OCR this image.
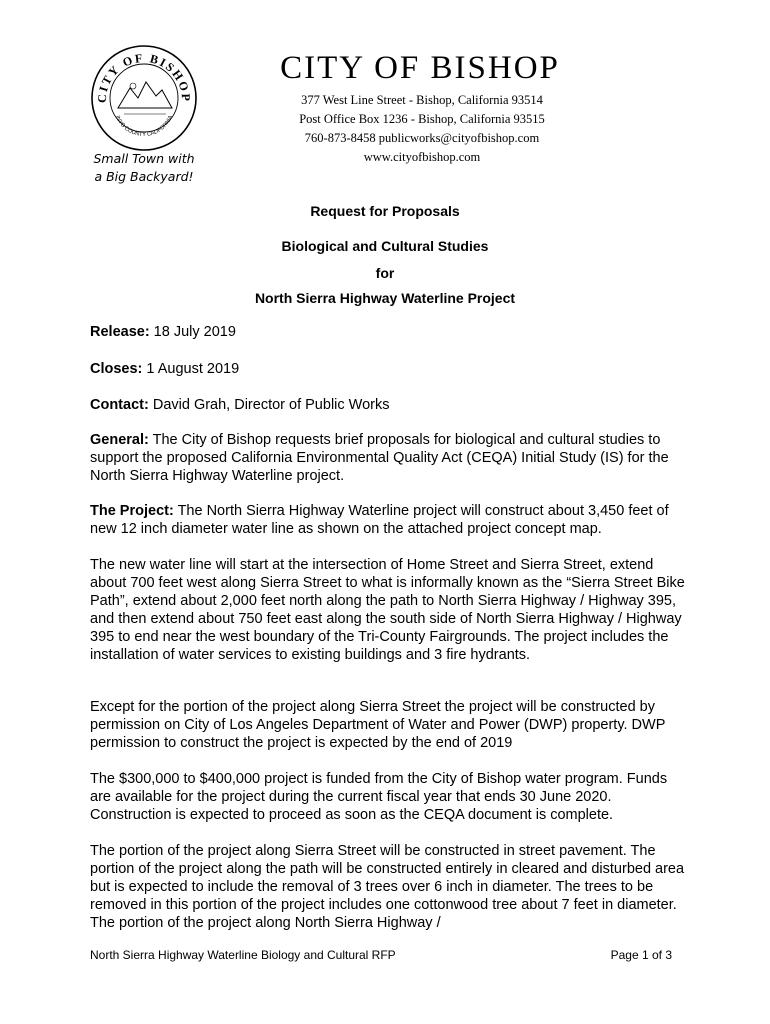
CITY OF BISHOP
INYO COUNTY CALIFORNIA
Small Town with
a Big Backyard!
CITY OF BISHOP
377 West Line Street - Bishop, California 93514
Post Office Box 1236 - Bishop, California 93515
760-873-8458 publicworks@cityofbishop.com
www.cityofbishop.com
Request for Proposals
Biological and Cultural Studies
for
North Sierra Highway Waterline Project
Release: 18 July 2019
Closes: 1 August 2019
Contact: David Grah, Director of Public Works
General: The City of Bishop requests brief proposals for biological and cultural studies to support the proposed California Environmental Quality Act (CEQA) Initial Study (IS) for the North Sierra Highway Waterline project.
The Project: The North Sierra Highway Waterline project will construct about 3,450 feet of new 12 inch diameter water line as shown on the attached project concept map.
The new water line will start at the intersection of Home Street and Sierra Street, extend about 700 feet west along Sierra Street to what is informally known as the “Sierra Street Bike Path”, extend about 2,000 feet north along the path to North Sierra Highway / Highway 395, and then extend about 750 feet east along the south side of North Sierra Highway / Highway 395 to end near the west boundary of the Tri-County Fairgrounds. The project includes the installation of water services to existing buildings and 3 fire hydrants.
Except for the portion of the project along Sierra Street the project will be constructed by permission on City of Los Angeles Department of Water and Power (DWP) property. DWP permission to construct the project is expected by the end of 2019
The $300,000 to $400,000 project is funded from the City of Bishop water program. Funds are available for the project during the current fiscal year that ends 30 June 2020. Construction is expected to proceed as soon as the CEQA document is complete.
The portion of the project along Sierra Street will be constructed in street pavement. The portion of the project along the path will be constructed entirely in cleared and disturbed area but is expected to include the removal of 3 trees over 6 inch in diameter. The trees to be removed in this portion of the project includes one cottonwood tree about 7 feet in diameter. The portion of the project along North Sierra Highway /
North Sierra Highway Waterline Biology and Cultural RFP	Page 1 of 3
